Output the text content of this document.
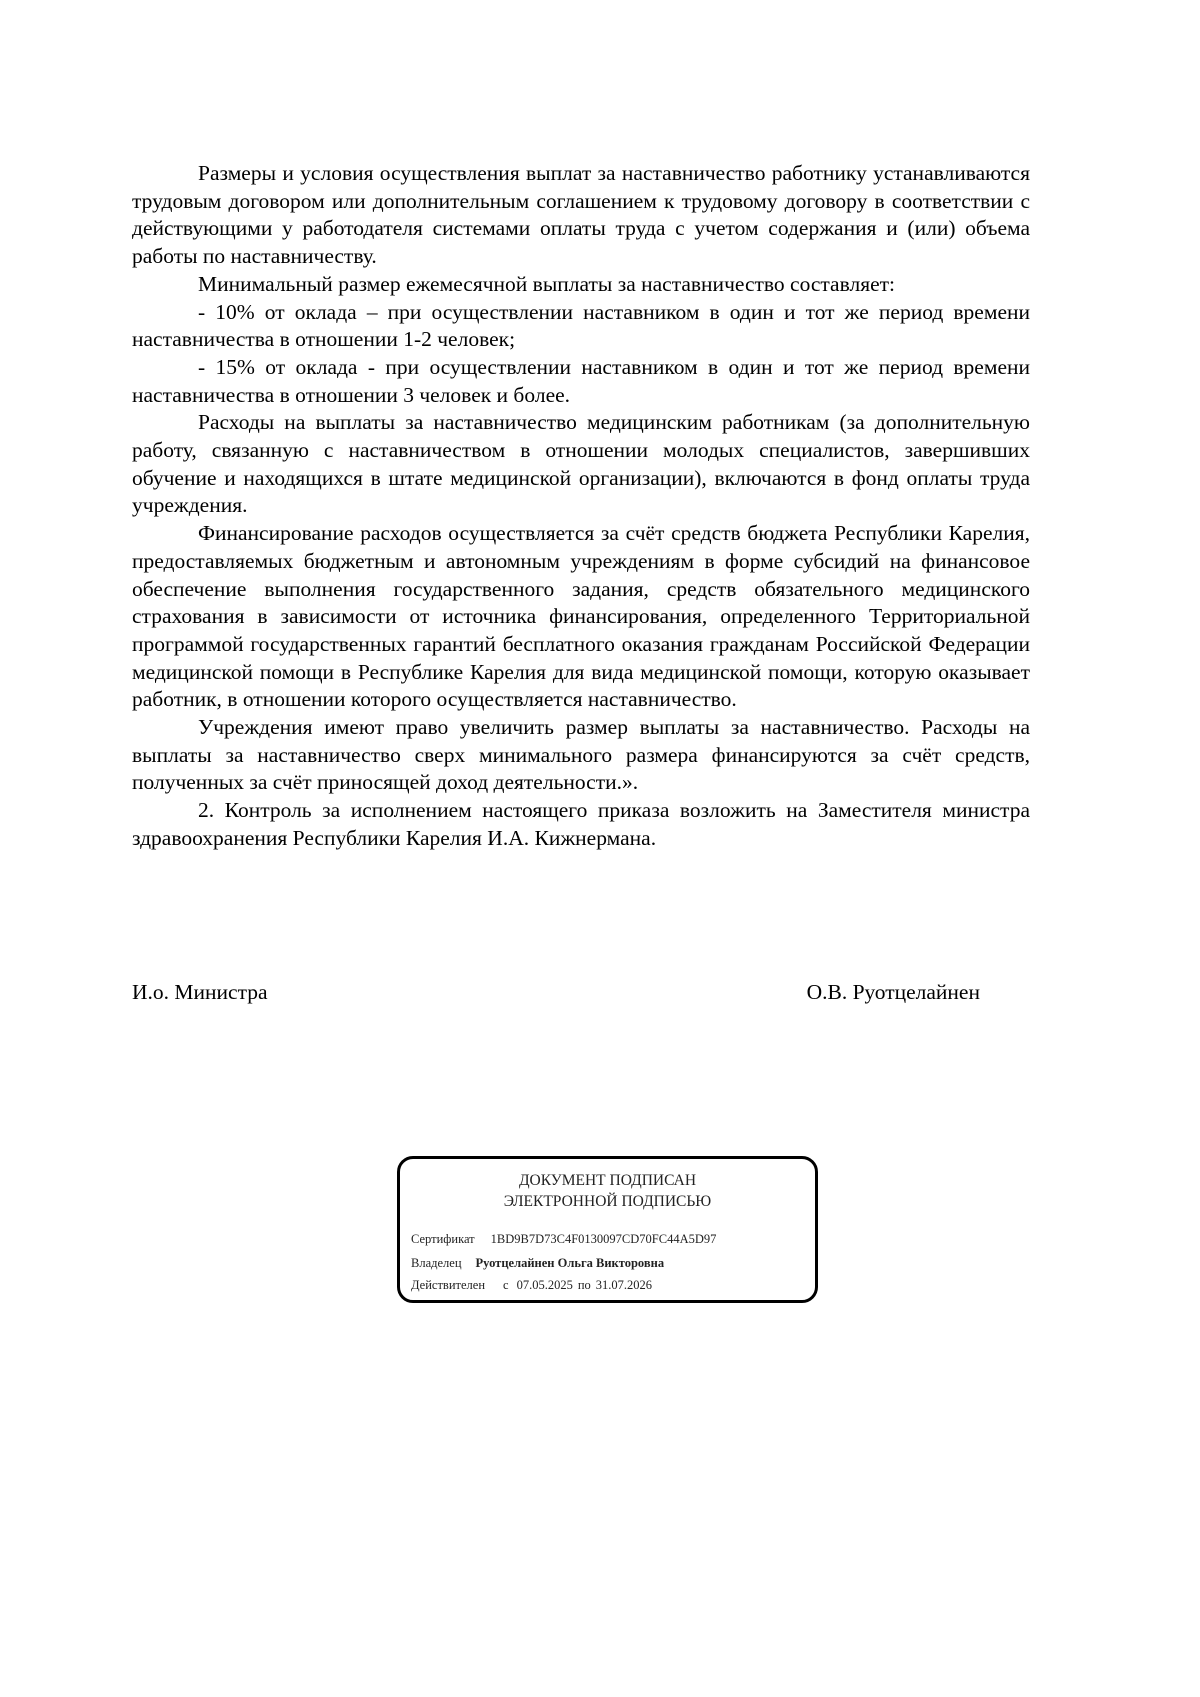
Размеры и условия осуществления выплат за наставничество работнику устанавливаются трудовым договором или дополнительным соглашением к трудовому договору в соответствии с действующими у работодателя системами оплаты труда с учетом содержания и (или) объема работы по наставничеству.

Минимальный размер ежемесячной выплаты за наставничество составляет:

- 10% от оклада – при осуществлении наставником в один и тот же период времени наставничества в отношении 1-2 человек;

- 15% от оклада - при осуществлении наставником в один и тот же период времени наставничества в отношении 3 человек и более.

Расходы на выплаты за наставничество медицинским работникам (за дополнительную работу, связанную с наставничеством в отношении молодых специалистов, завершивших обучение и находящихся в штате медицинской организации), включаются в фонд оплаты труда учреждения.

Финансирование расходов осуществляется за счёт средств бюджета Республики Карелия, предоставляемых бюджетным и автономным учреждениям в форме субсидий на финансовое обеспечение выполнения государственного задания, средств обязательного медицинского страхования в зависимости от источника финансирования, определенного Территориальной программой государственных гарантий бесплатного оказания гражданам Российской Федерации медицинской помощи в Республике Карелия для вида медицинской помощи, которую оказывает работник, в отношении которого осуществляется наставничество.

Учреждения имеют право увеличить размер выплаты за наставничество. Расходы на выплаты за наставничество сверх минимального размера финансируются за счёт средств, полученных за счёт приносящей доход деятельности.».

2. Контроль за исполнением настоящего приказа возложить на Заместителя министра здравоохранения Республики Карелия И.А. Кижнермана.

И.о. Министра	О.В. Руотцелайнен
ДОКУМЕНТ ПОДПИСАН
ЭЛЕКТРОННОЙ ПОДПИСЬЮ
Сертификат 1BD9B7D73C4F0130097CD70FC44A5D97
Владелец Руотцелайнен Ольга Викторовна
Действителен с 07.05.2025 по 31.07.2026
